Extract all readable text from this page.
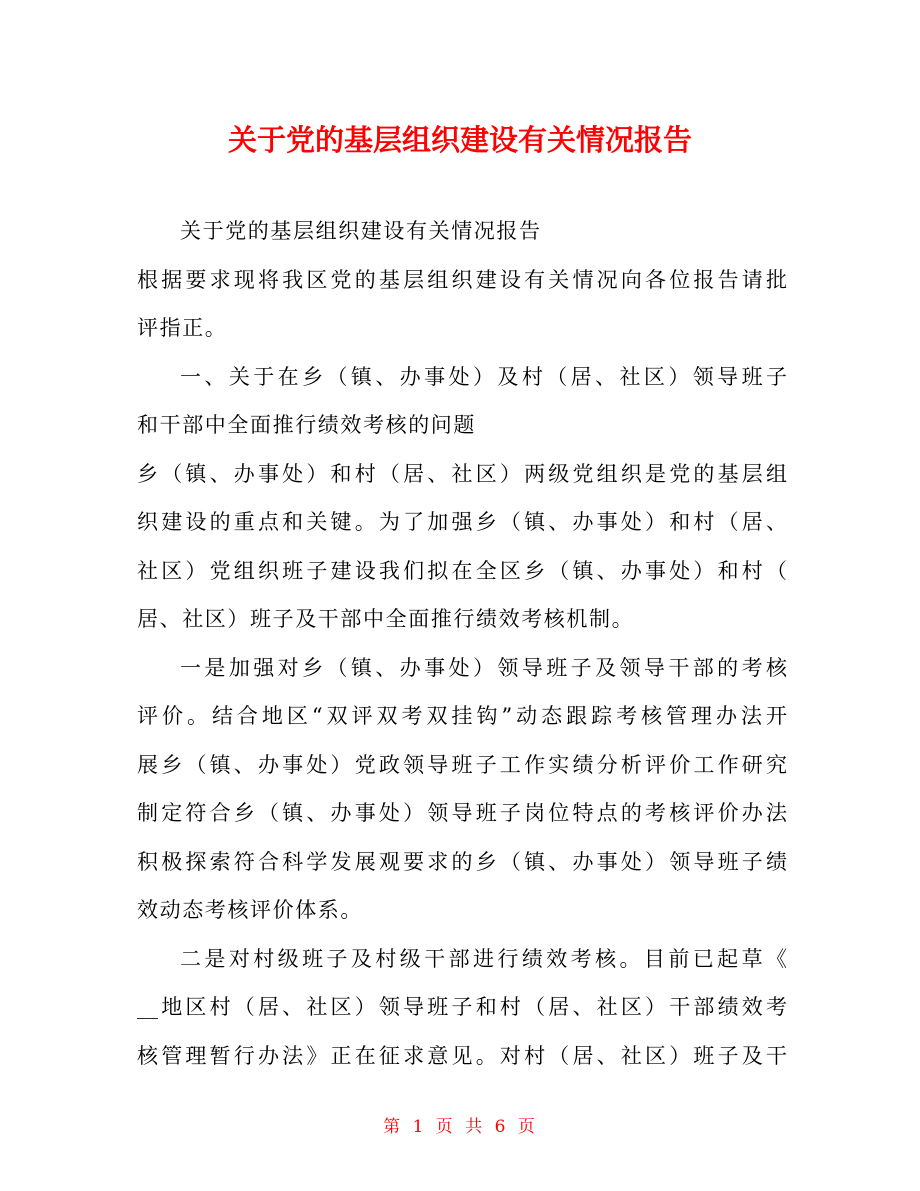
关于党的基层组织建设有关情况报告
关于党的基层组织建设有关情况报告
根据要求现将我区党的基层组织建设有关情况向各位报告请批
评指正。
一、关于在乡（镇、办事处）及村（居、社区）领导班子
和干部中全面推行绩效考核的问题
乡（镇、办事处）和村（居、社区）两级党组织是党的基层组
织建设的重点和关键。为了加强乡（镇、办事处）和村（居、
社区）党组织班子建设我们拟在全区乡（镇、办事处）和村（
居、社区）班子及干部中全面推行绩效考核机制。
一是加强对乡（镇、办事处）领导班子及领导干部的考核
评价。结合地区“双评双考双挂钩”动态跟踪考核管理办法开
展乡（镇、办事处）党政领导班子工作实绩分析评价工作研究
制定符合乡（镇、办事处）领导班子岗位特点的考核评价办法
积极探索符合科学发展观要求的乡（镇、办事处）领导班子绩
效动态考核评价体系。
二是对村级班子及村级干部进行绩效考核。目前已起草《
__地区村（居、社区）领导班子和村（居、社区）干部绩效考
核管理暂行办法》正在征求意见。对村（居、社区）班子及干
第 1 页 共 6 页
